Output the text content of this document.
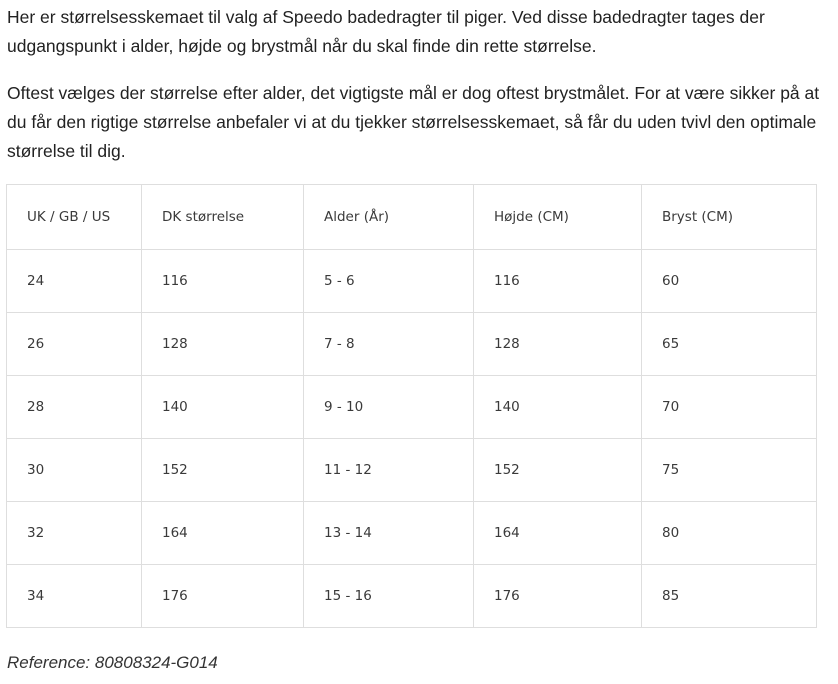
Her er størrelsesskemaet til valg af Speedo badedragter til piger. Ved disse badedragter tages der udgangspunkt i alder, højde og brystmål når du skal finde din rette størrelse.

Oftest vælges der størrelse efter alder, det vigtigste mål er dog oftest brystmålet. For at være sikker på at du får den rigtige størrelse anbefaler vi at du tjekker størrelsesskemaet, så får du uden tvivl den optimale størrelse til dig.

UK / GB / US	DK størrelse	Alder (År)	Højde (CM)	Bryst (CM)
24	116	5 - 6	116	60
26	128	7 - 8	128	65
28	140	9 - 10	140	70
30	152	11 - 12	152	75
32	164	13 - 14	164	80
34	176	15 - 16	176	85
Reference: 80808324-G014
